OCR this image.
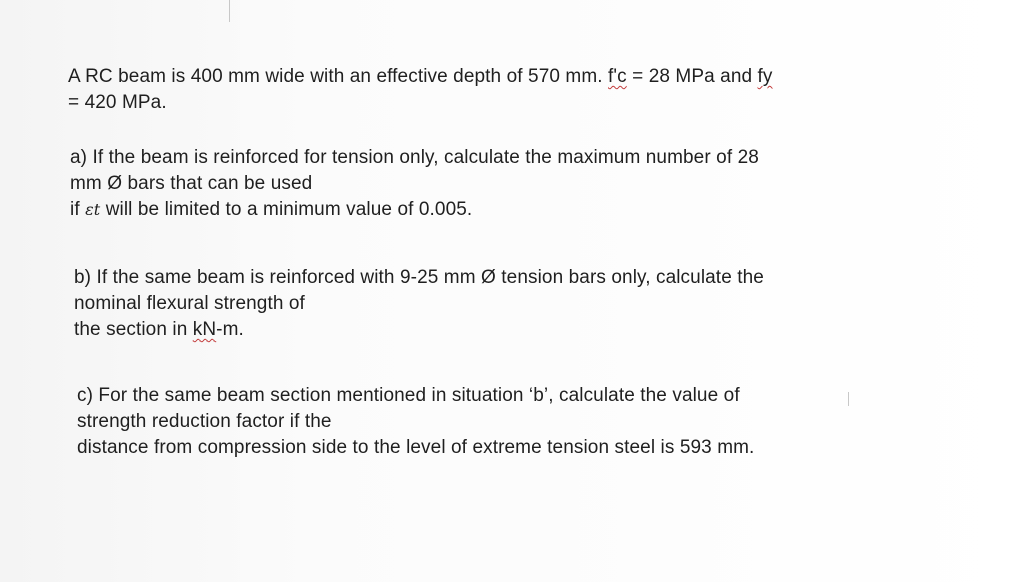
A RC beam is 400 mm wide with an effective depth of 570 mm. f'c = 28 MPa and fy
= 420 MPa.
a) If the beam is reinforced for tension only, calculate the maximum number of 28
mm Ø bars that can be used
if εt will be limited to a minimum value of 0.005.
b) If the same beam is reinforced with 9-25 mm Ø tension bars only, calculate the
nominal flexural strength of
the section in kN-m.
c) For the same beam section mentioned in situation ‘b’, calculate the value of
strength reduction factor if the
distance from compression side to the level of extreme tension steel is 593 mm.
